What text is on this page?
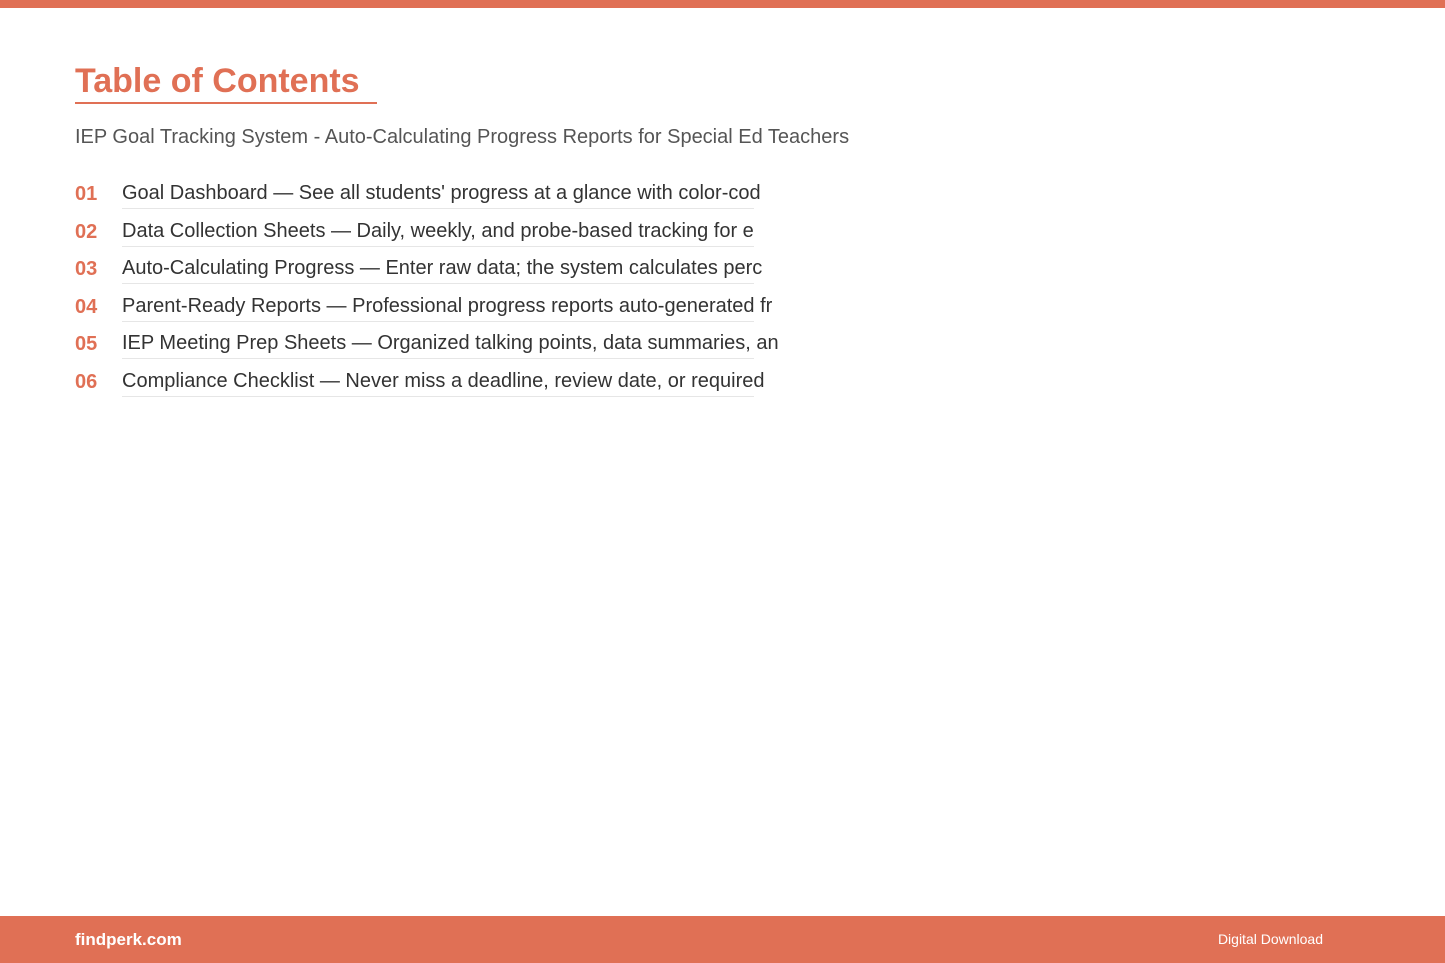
Table of Contents
IEP Goal Tracking System - Auto-Calculating Progress Reports for Special Ed Teachers
01 Goal Dashboard — See all students' progress at a glance with color-cod
02 Data Collection Sheets — Daily, weekly, and probe-based tracking for e
03 Auto-Calculating Progress — Enter raw data; the system calculates perc
04 Parent-Ready Reports — Professional progress reports auto-generated fr
05 IEP Meeting Prep Sheets — Organized talking points, data summaries, an
06 Compliance Checklist — Never miss a deadline, review date, or required
findperk.com	Digital Download
